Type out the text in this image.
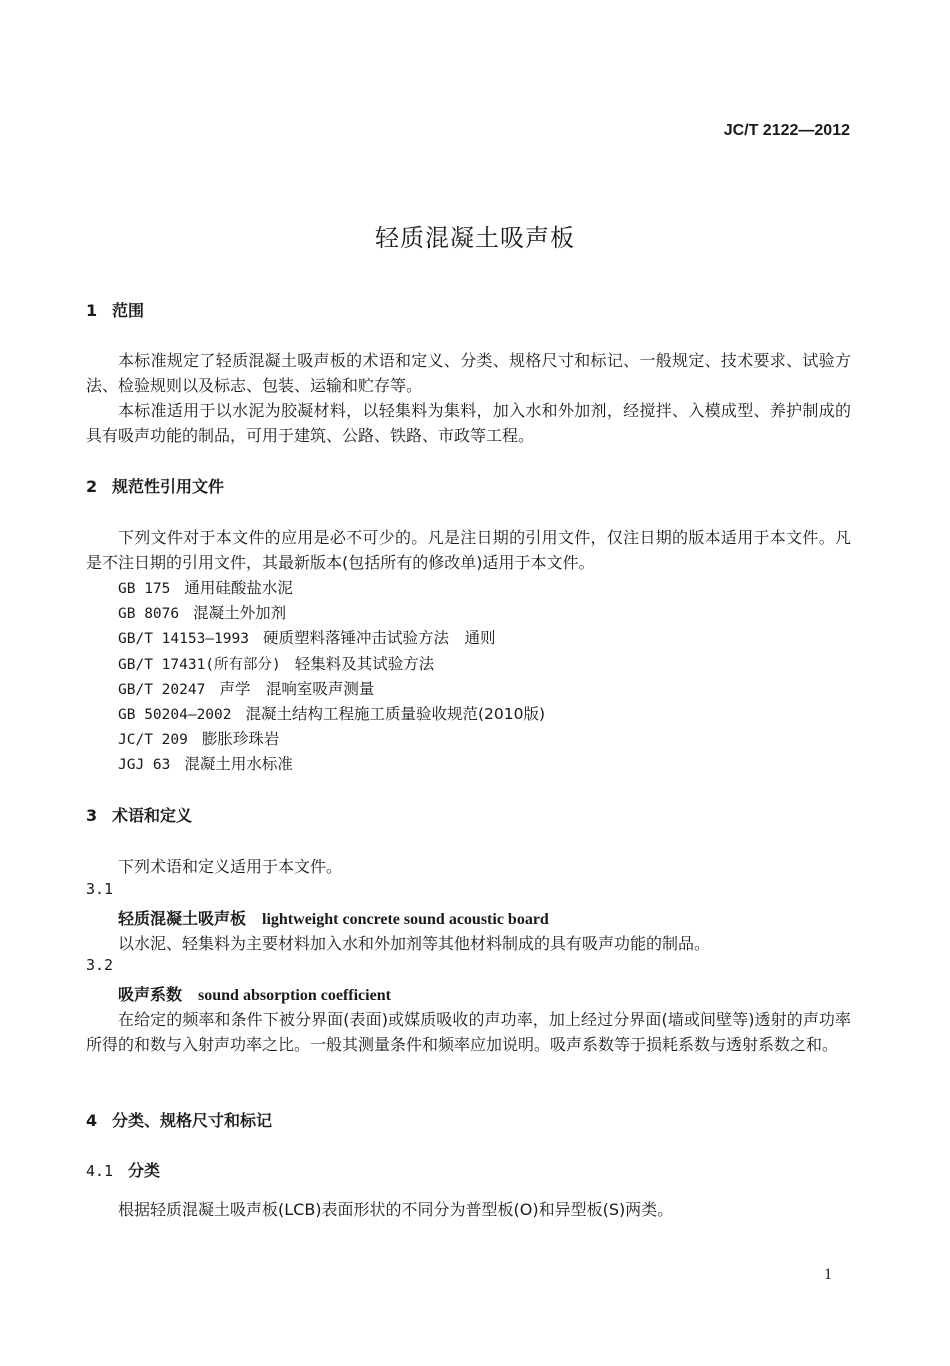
JC/T 2122—2012
轻质混凝土吸声板
1 范围
本标准规定了轻质混凝土吸声板的术语和定义、分类、规格尺寸和标记、一般规定、技术要求、试验方法、检验规则以及标志、包装、运输和贮存等。
本标准适用于以水泥为胶凝材料，以轻集料为集料，加入水和外加剂，经搅拌、入模成型、养护制成的具有吸声功能的制品，可用于建筑、公路、铁路、市政等工程。
2 规范性引用文件
下列文件对于本文件的应用是必不可少的。凡是注日期的引用文件，仅注日期的版本适用于本文件。凡是不注日期的引用文件，其最新版本(包括所有的修改单)适用于本文件。
GB 175 通用硅酸盐水泥
GB 8076 混凝土外加剂
GB/T 14153—1993 硬质塑料落锤冲击试验方法　通则
GB/T 17431(所有部分) 轻集料及其试验方法
GB/T 20247 声学　混响室吸声测量
GB 50204—2002 混凝土结构工程施工质量验收规范(2010版)
JC/T 209 膨胀珍珠岩
JGJ 63 混凝土用水标准
3 术语和定义
下列术语和定义适用于本文件。
3.1
轻质混凝土吸声板 lightweight concrete sound acoustic board
以水泥、轻集料为主要材料加入水和外加剂等其他材料制成的具有吸声功能的制品。
3.2
吸声系数 sound absorption coefficient
在给定的频率和条件下被分界面(表面)或媒质吸收的声功率，加上经过分界面(墙或间壁等)透射的声功率所得的和数与入射声功率之比。一般其测量条件和频率应加说明。吸声系数等于损耗系数与透射系数之和。
4 分类、规格尺寸和标记
4.1 分类
根据轻质混凝土吸声板(LCB)表面形状的不同分为普型板(O)和异型板(S)两类。
1
